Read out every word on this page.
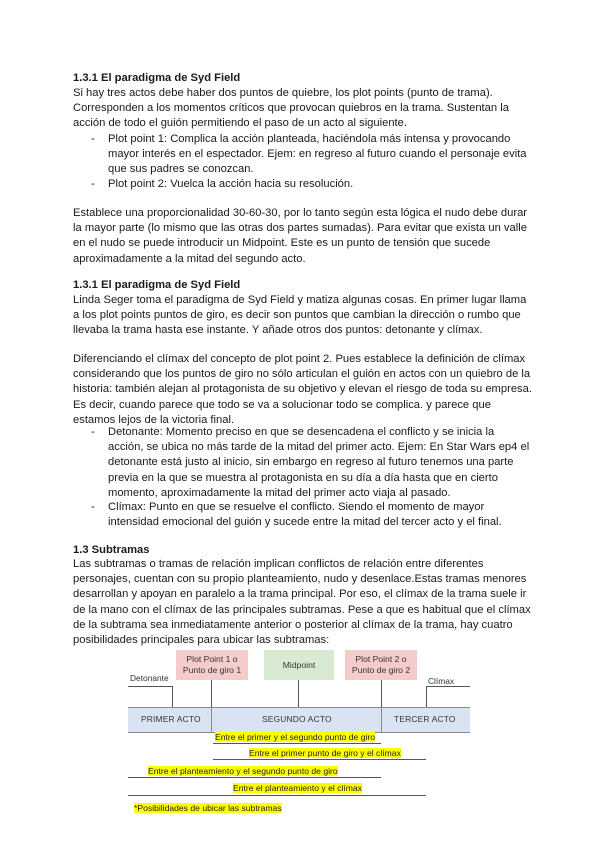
1.3.1 El paradigma de Syd Field
Si hay tres actos debe haber dos puntos de quiebre, los plot points (punto de trama).
Corresponden a los momentos críticos que provocan quiebros en la trama. Sustentan la
acción de todo el guión permitiendo el paso de un acto al siguiente.
- Plot point 1: Complica la acción planteada, haciéndola más intensa y provocando
mayor interés en el espectador. Ejem: en regreso al futuro cuando el personaje evita
que sus padres se conozcan.
- Plot point 2: Vuelca la acción hacia su resolución.
Establece una proporcionalidad 30-60-30, por lo tanto según esta lógica el nudo debe durar
la mayor parte (lo mismo que las otras dos partes sumadas). Para evitar que exista un valle
en el nudo se puede introducir un Midpoint. Este es un punto de tensión que sucede
aproximadamente a la mitad del segundo acto.
1.3.1 El paradigma de Syd Field
Linda Seger toma el paradigma de Syd Field y matiza algunas cosas. En primer lugar llama
a los plot points puntos de giro, es decir son puntos que cambian la dirección o rumbo que
llevaba la trama hasta ese instante. Y añade otros dos puntos: detonante y clímax.
Diferenciando el clímax del concepto de plot point 2. Pues establece la definición de clímax
considerando que los puntos de giro no sólo articulan el guión en actos con un quiebro de la
historia: también alejan al protagonista de su objetivo y elevan el riesgo de toda su empresa.
Es decir, cuando parece que todo se va a solucionar todo se complica. y parece que
estamos lejos de la victoria final.
- Detonante: Momento preciso en que se desencadena el conflicto y se inicia la
acción, se ubica no más tarde de la mitad del primer acto. Ejem: En Star Wars ep4 el
detonante está justo al inicio, sin embargo en regreso al futuro tenemos una parte
previa en la que se muestra al protagonista en su día a día hasta que en cierto
momento, aproximadamente la mitad del primer acto viaja al pasado.
- Clímax: Punto en que se resuelve el conflicto. Siendo el momento de mayor
intensidad emocional del guión y sucede entre la mitad del tercer acto y el final.
1.3 Subtramas
Las subtramas o tramas de relación implican conflictos de relación entre diferentes
personajes, cuentan con su propio planteamiento, nudo y desenlace.Estas tramas menores
desarrollan y apoyan en paralelo a la trama principal. Por eso, el clímax de la trama suele ir
de la mano con el clímax de las principales subtramas. Pese a que es habitual que el clímax
de la subtrama sea inmediatamente anterior o posterior al clímax de la trama, hay cuatro
posibilidades principales para ubicar las subtramas:
Plot Point 1 o
Punto de giro 1
Midpoint
Plot Point 2 o
Punto de giro 2
Detonante	Clímax
PRIMER ACTO	SEGUNDO ACTO	TERCER ACTO
Entre el primer y el segundo punto de giro
Entre el primer punto de giro y el clímax
Entre el planteamiento y el segundo punto de giro
Entre el planteamiento y el clímax
*Posibilidades de ubicar las subtramas
